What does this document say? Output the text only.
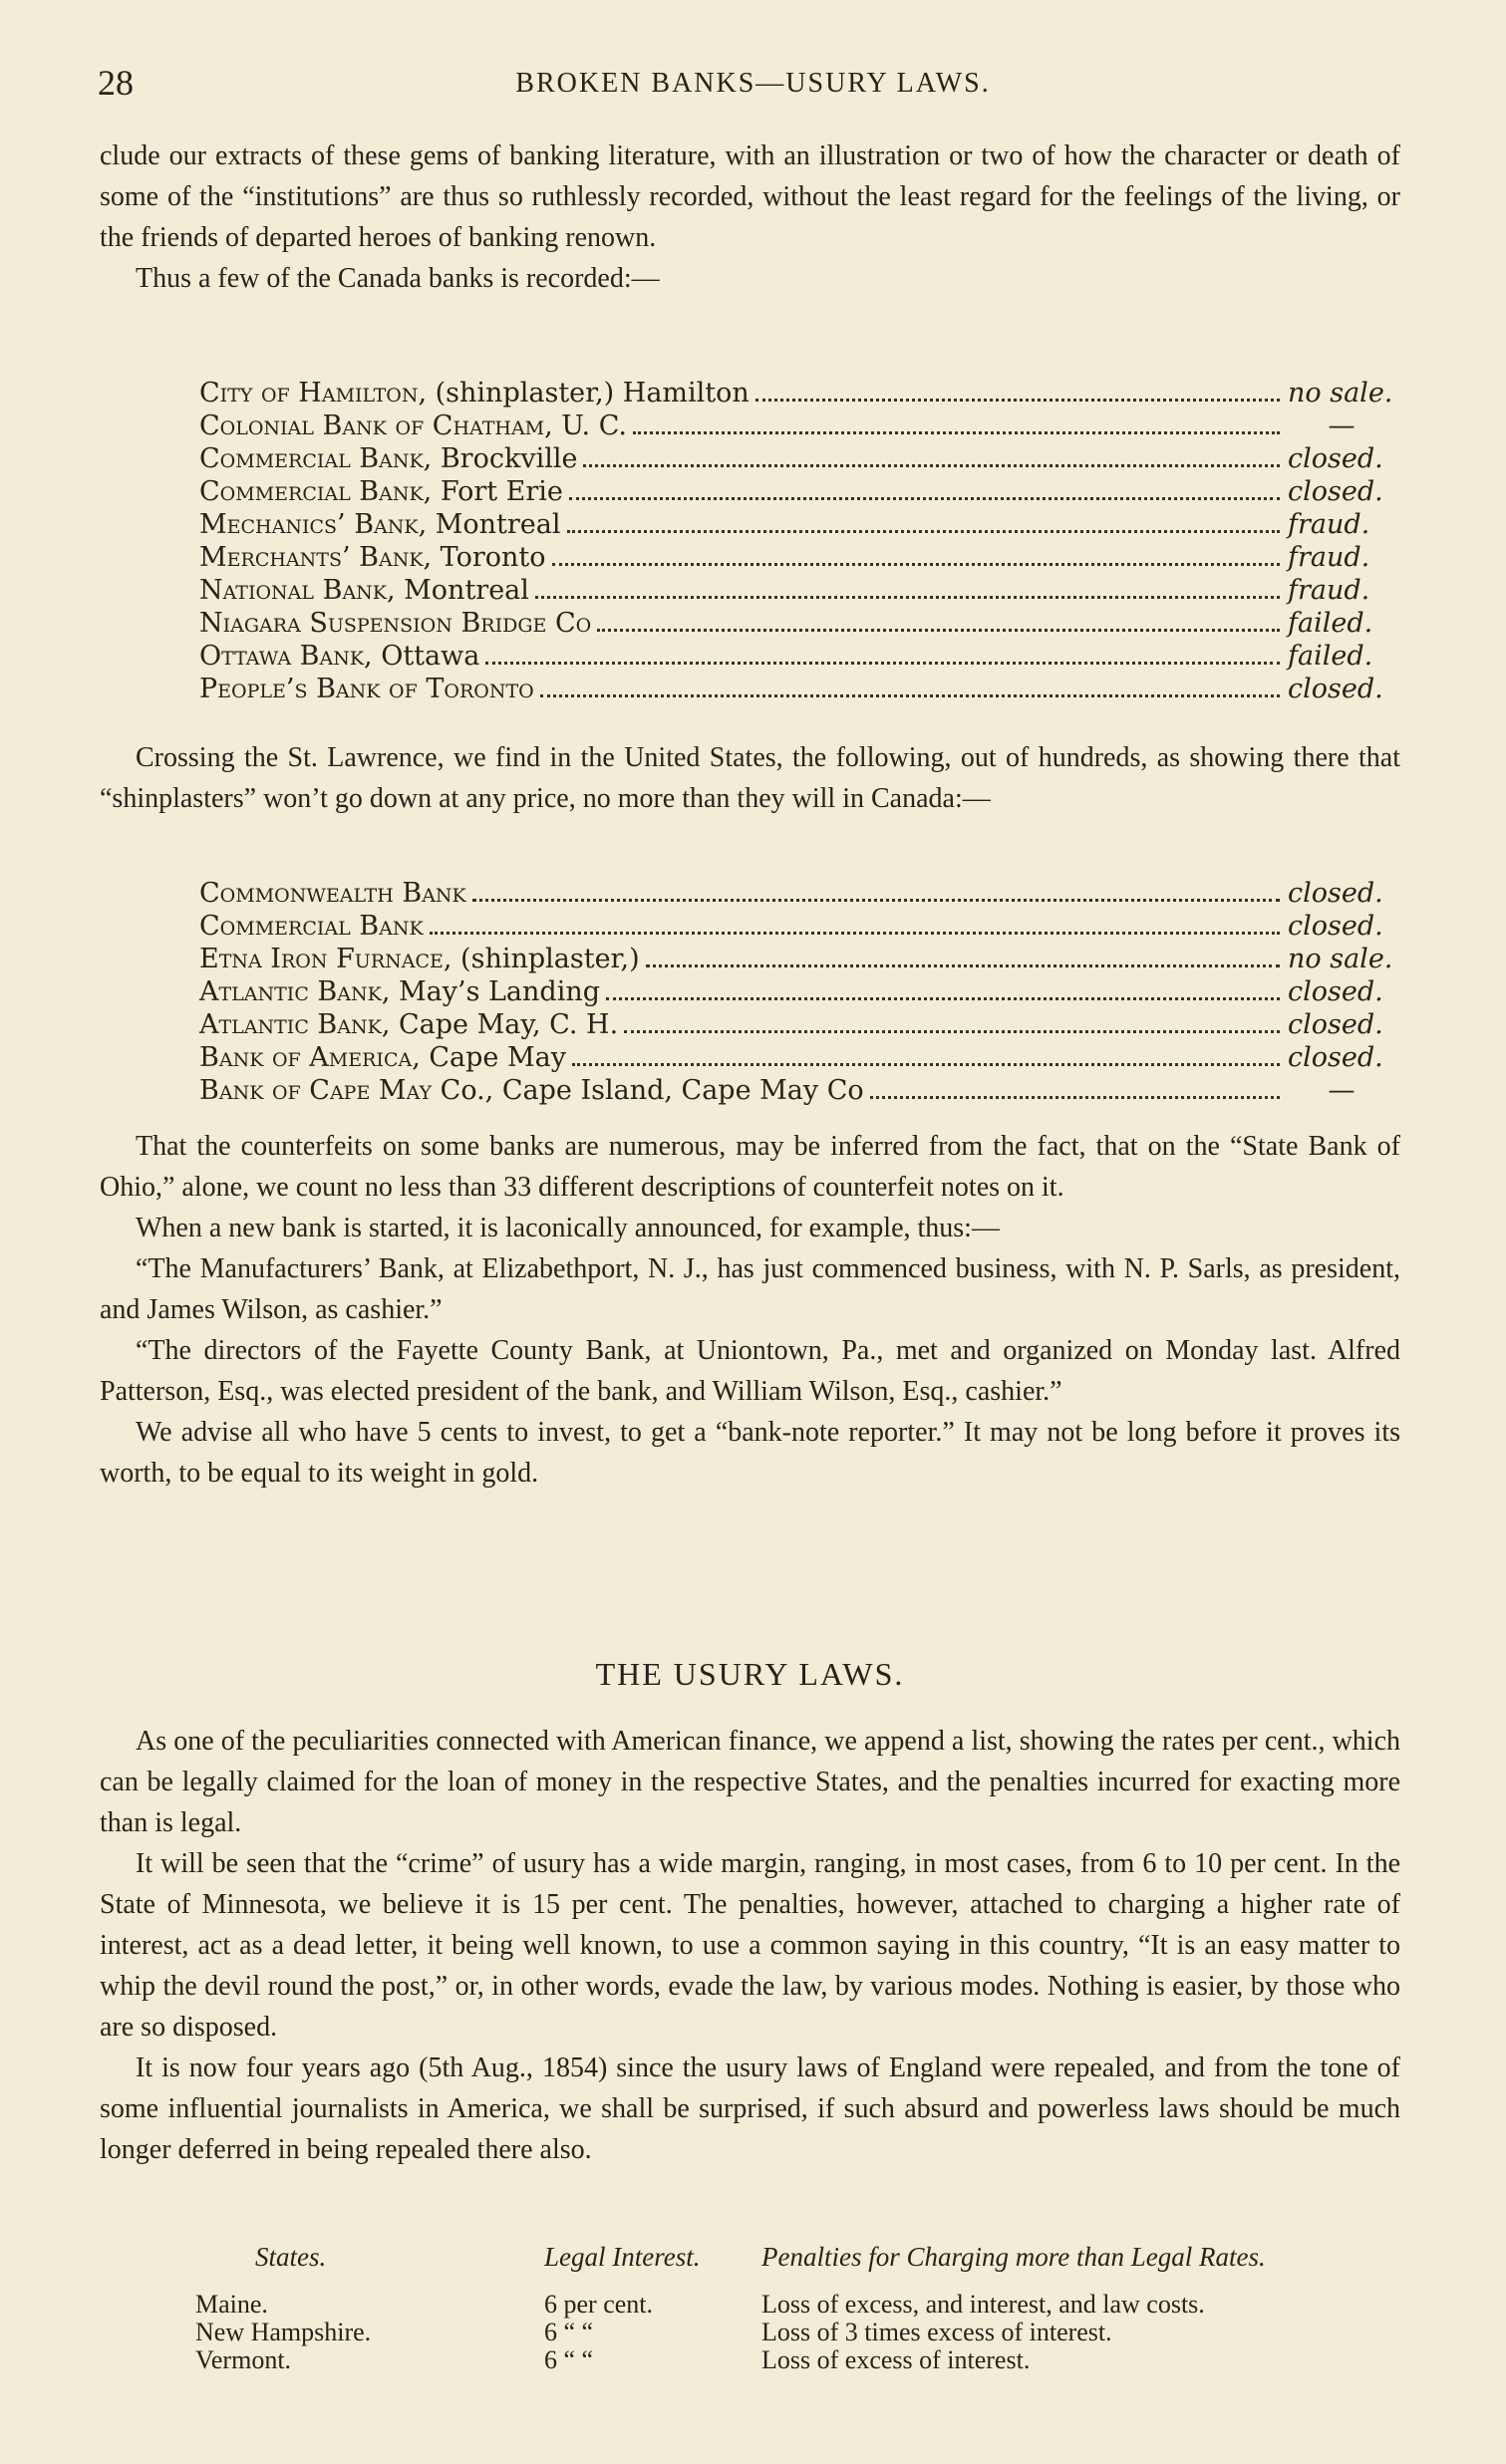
28	BROKEN BANKS—USURY LAWS.

clude our extracts of these gems of banking literature, with an illustration or two of how the character or death of some of the “institutions” are thus so ruthlessly recorded, without the least regard for the feelings of the living, or the friends of departed heroes of banking renown.

Thus a few of the Canada banks is recorded:—

City of Hamilton, (shinplaster,) Hamilton	no sale.
Colonial Bank of Chatham, U. C.	—
Commercial Bank, Brockville	closed.
Commercial Bank, Fort Erie	closed.
Mechanics’ Bank, Montreal	fraud.
Merchants’ Bank, Toronto	fraud.
National Bank, Montreal	fraud.
Niagara Suspension Bridge Co	failed.
Ottawa Bank, Ottawa	failed.
People’s Bank of Toronto	closed.

Crossing the St. Lawrence, we find in the United States, the following, out of hundreds, as showing there that “shinplasters” won’t go down at any price, no more than they will in Canada:—

Commonwealth Bank	closed.
Commercial Bank	closed.
Etna Iron Furnace, (shinplaster,)	no sale.
Atlantic Bank, May’s Landing	closed.
Atlantic Bank, Cape May, C. H.	closed.
Bank of America, Cape May	closed.
Bank of Cape May Co., Cape Island, Cape May Co	—

That the counterfeits on some banks are numerous, may be inferred from the fact, that on the “State Bank of Ohio,” alone, we count no less than 33 different descriptions of counterfeit notes on it.

When a new bank is started, it is laconically announced, for example, thus:—

“The Manufacturers’ Bank, at Elizabethport, N. J., has just commenced business, with N. P. Sarls, as president, and James Wilson, as cashier.”

“The directors of the Fayette County Bank, at Uniontown, Pa., met and organized on Monday last. Alfred Patterson, Esq., was elected president of the bank, and William Wilson, Esq., cashier.”

We advise all who have 5 cents to invest, to get a “bank-note reporter.” It may not be long before it proves its worth, to be equal to its weight in gold.

THE USURY LAWS.

As one of the peculiarities connected with American finance, we append a list, showing the rates per cent., which can be legally claimed for the loan of money in the respective States, and the penalties incurred for exacting more than is legal.

It will be seen that the “crime” of usury has a wide margin, ranging, in most cases, from 6 to 10 per cent. In the State of Minnesota, we believe it is 15 per cent. The penalties, however, attached to charging a higher rate of interest, act as a dead letter, it being well known, to use a common saying in this country, “It is an easy matter to whip the devil round the post,” or, in other words, evade the law, by various modes. Nothing is easier, by those who are so disposed.

It is now four years ago (5th Aug., 1854) since the usury laws of England were repealed, and from the tone of some influential journalists in America, we shall be surprised, if such absurd and powerless laws should be much longer deferred in being repealed there also.

States.	Legal Interest.	Penalties for Charging more than Legal Rates.
Maine.	6 per cent.	Loss of excess, and interest, and law costs.
New Hampshire.	6 “ “	Loss of 3 times excess of interest.
Vermont.	6 “ “	Loss of excess of interest.
